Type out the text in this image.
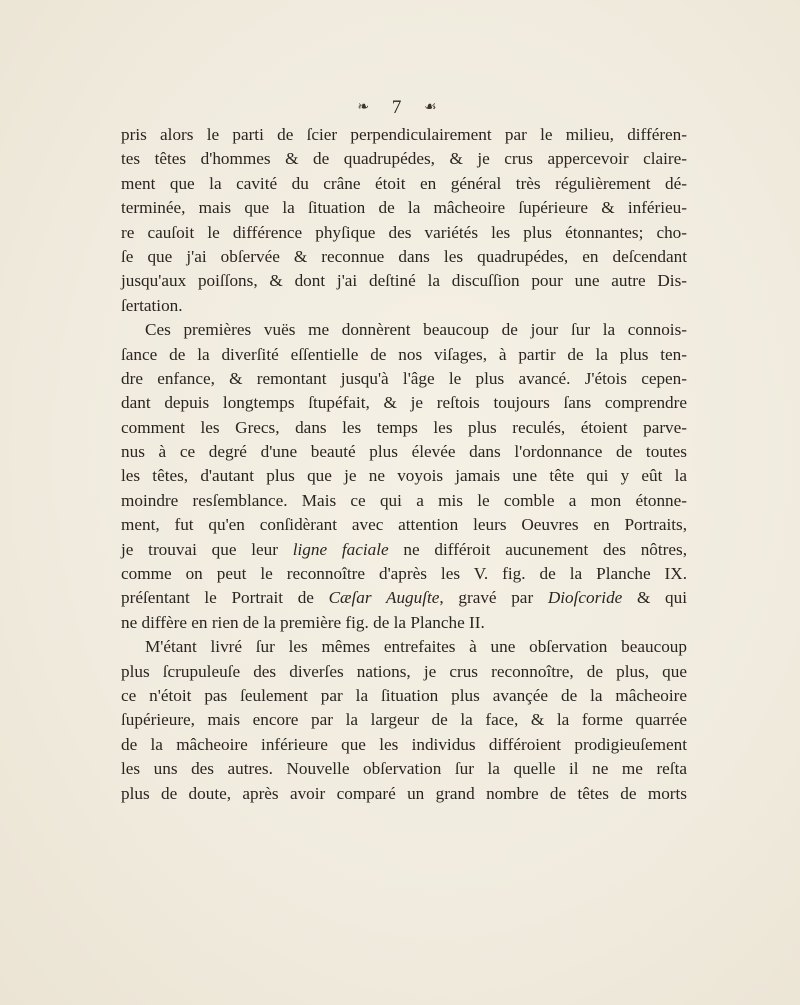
❧ 7 ☙
pris alors le parti de ſcier perpendiculairement par le milieu, différen-
tes têtes d'hommes & de quadrupédes, & je crus appercevoir claire-
ment que la cavité du crâne étoit en général très régulièrement dé-
terminée, mais que la ſituation de la mâcheoire ſupérieure & inférieu-
re cauſoit le différence phyſique des variétés les plus étonnantes; cho-
ſe que j'ai obſervée & reconnue dans les quadrupédes, en deſcendant
jusqu'aux poiſſons, & dont j'ai deſtiné la discuſſion pour une autre Dis-
ſertation.
Ces premières vuës me donnèrent beaucoup de jour ſur la connois-
ſance de la diverſité eſſentielle de nos viſages, à partir de la plus ten-
dre enfance, & remontant jusqu'à l'âge le plus avancé. J'étois cepen-
dant depuis longtemps ſtupéfait, & je reſtois toujours ſans comprendre
comment les Grecs, dans les temps les plus reculés, étoient parve-
nus à ce degré d'une beauté plus élevée dans l'ordonnance de toutes
les têtes, d'autant plus que je ne voyois jamais une tête qui y eût la
moindre resſemblance. Mais ce qui a mis le comble a mon étonne-
ment, fut qu'en conſidèrant avec attention leurs Oeuvres en Portraits,
je trouvai que leur ligne faciale ne différoit aucunement des nôtres,
comme on peut le reconnoître d'après les V. fig. de la Planche IX.
préſentant le Portrait de Cæſar Auguſte, gravé par Dioſcoride & qui
ne diffère en rien de la première fig. de la Planche II.
M'étant livré ſur les mêmes entrefaites à une obſervation beaucoup
plus ſcrupuleuſe des diverſes nations, je crus reconnoître, de plus, que
ce n'étoit pas ſeulement par la ſituation plus avançée de la mâcheoire
ſupérieure, mais encore par la largeur de la face, & la forme quarrée
de la mâcheoire inférieure que les individus différoient prodigieuſement
les uns des autres. Nouvelle obſervation ſur la quelle il ne me reſta
plus de doute, après avoir comparé un grand nombre de têtes de morts
